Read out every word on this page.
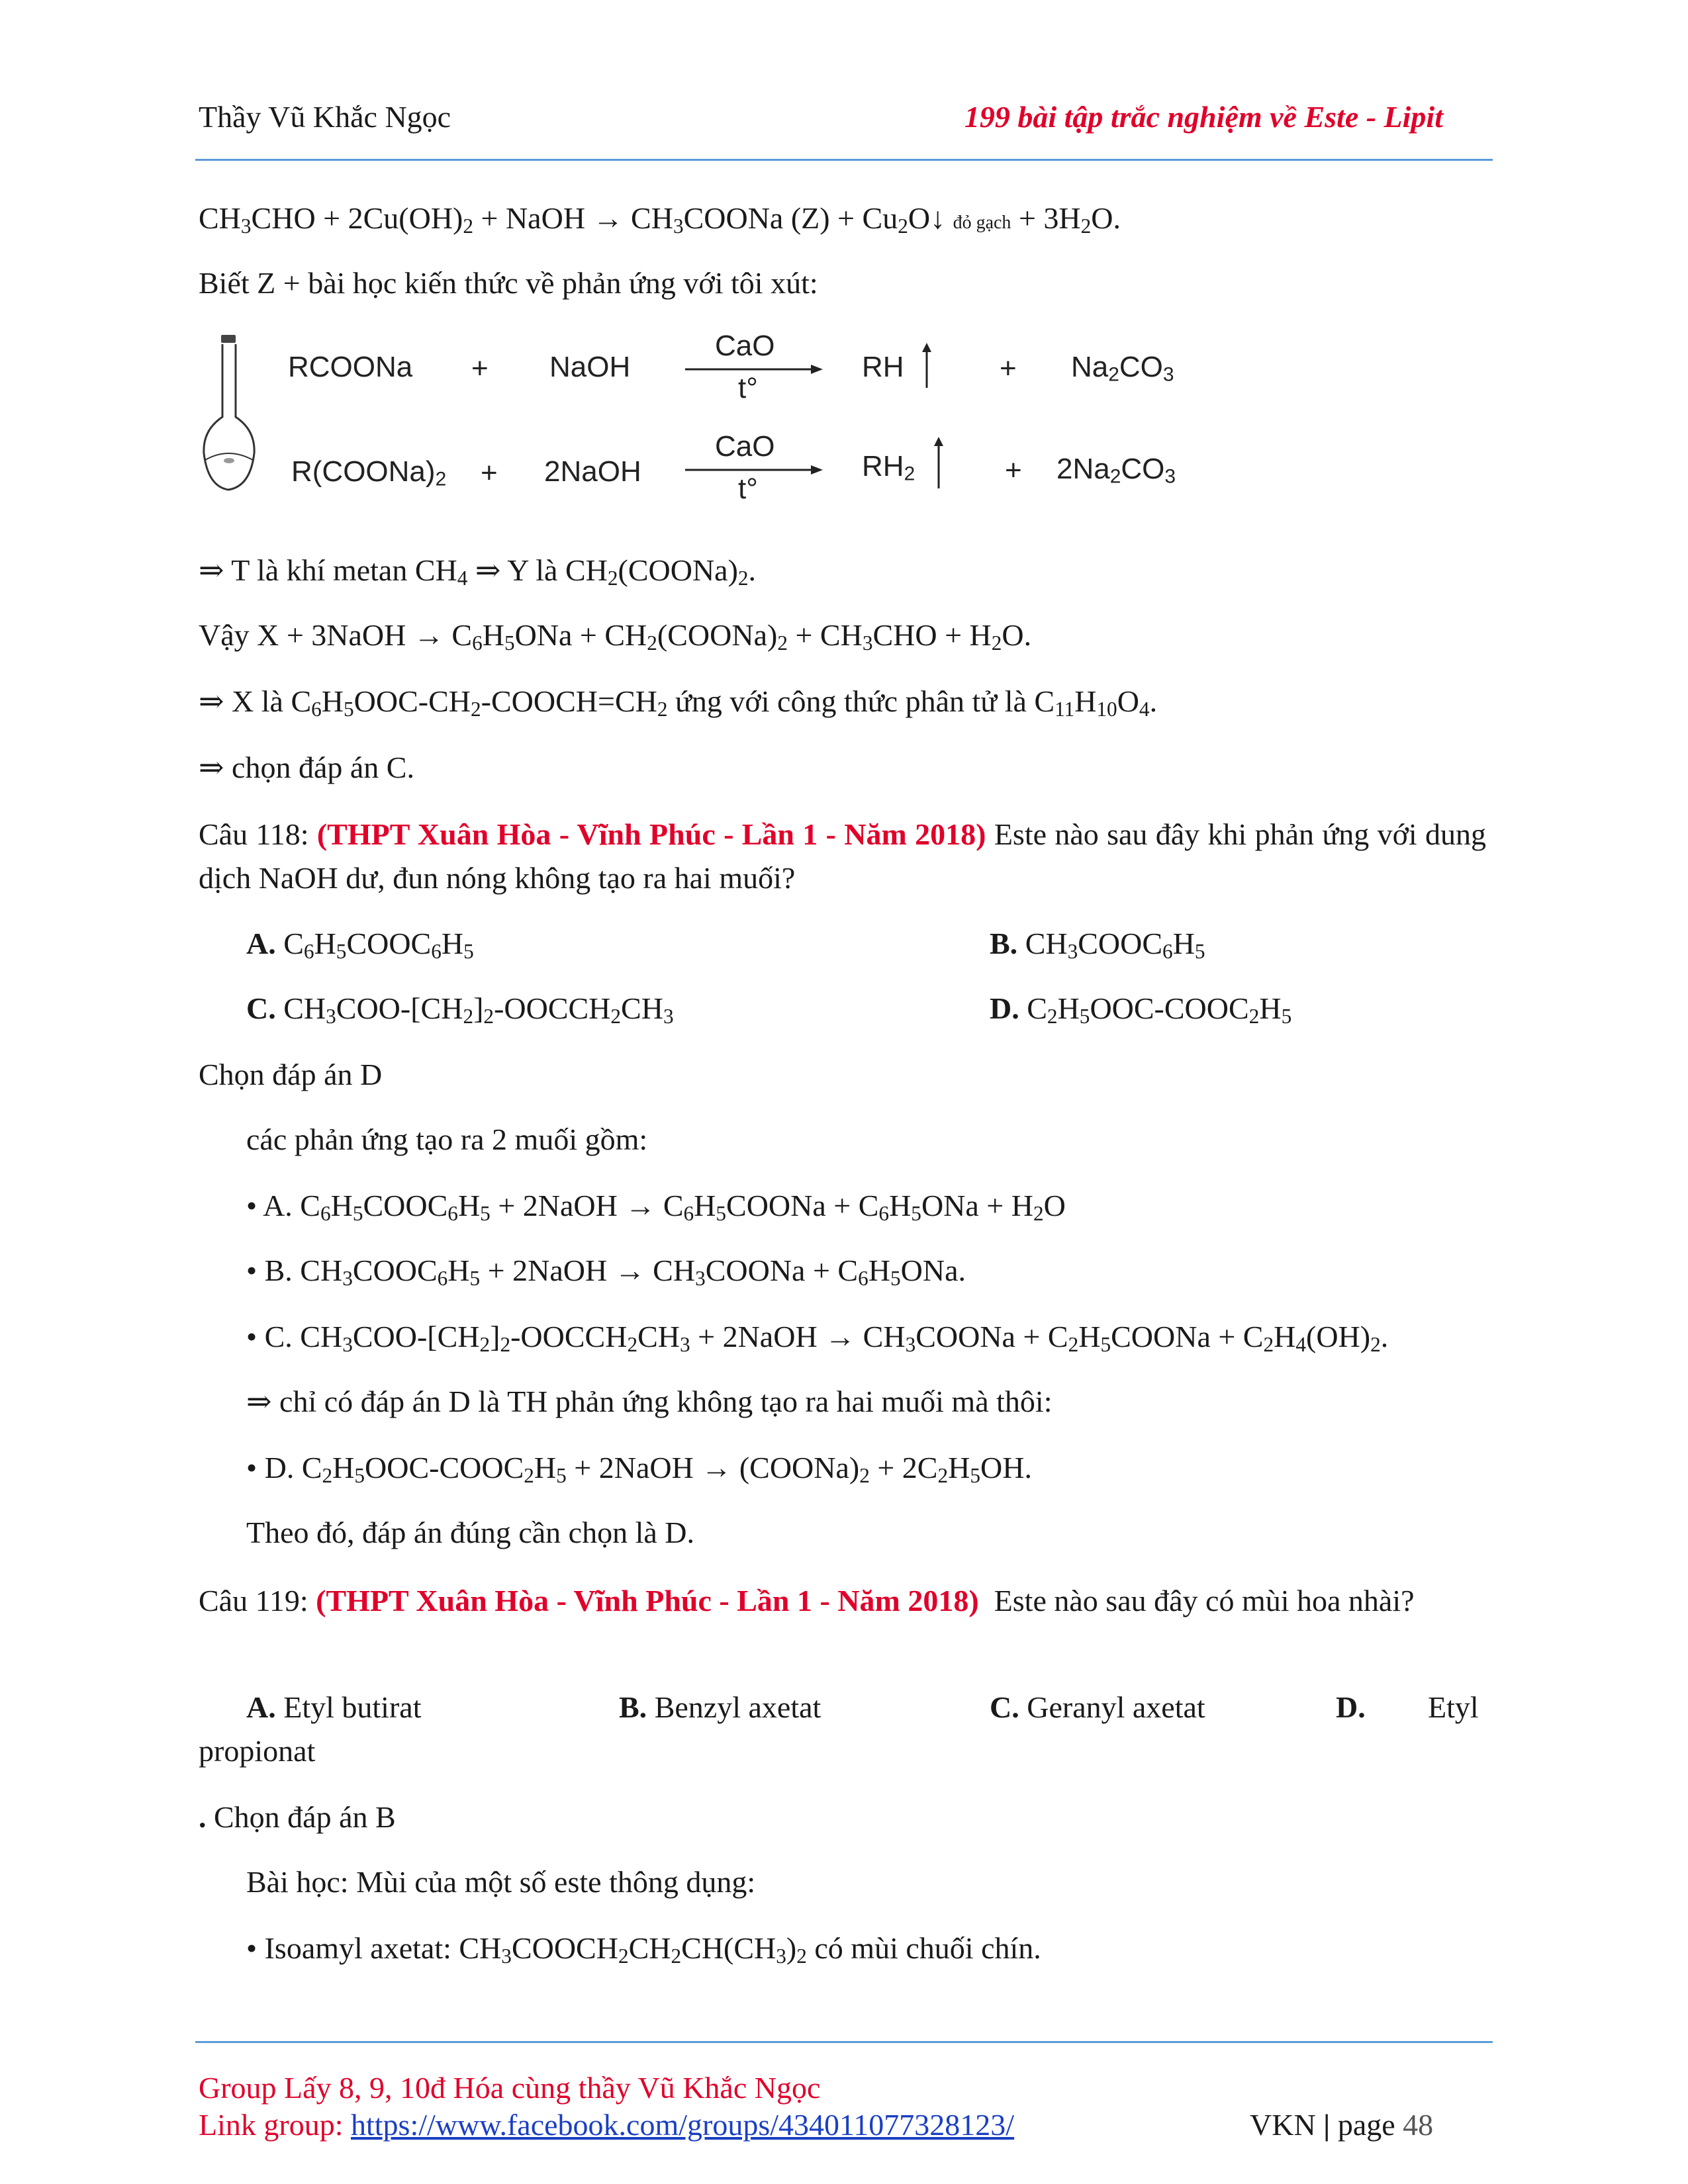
Thầy Vũ Khắc Ngọc	199 bài tập trắc nghiệm về Este - Lipit
$CH_3CHO + 2Cu(OH)_2$ + NaOH → $CH_3COONa$ $(Z) + Cu_2O↓$ đỏ gạch + $3H_2O$.
Biết Z + bài học kiến thức về phản ứng với tôi xút:
RCOONa + NaOH
CaO
t°
RH	+ $Na_2CO_3$
$R(COONa)_2$ + 2NaOH
CaO
t°
$RH_2$	+ $2Na_2CO_3$
⇒ T là khí metan $CH_4$ ⇒ Y là $CH_2(COONa)_2$.
Vậy X + 3NaOH → $C_6H_5ONa$ + $CH_2(COONa)_2 + CH_3CHO + H_2O$.
⇒ X là $C_6H_5OOC-CH_2-COOCH=CH_2$ ứng với công thức phân tử là $C_{11}H_{10}O_4$.
⇒ chọn đáp án C.
Câu 118: (THPT Xuân Hòa - Vĩnh Phúc - Lần 1 - Năm 2018) Este nào sau đây khi phản ứng với dung dịch NaOH dư, đun nóng không tạo ra hai muối?
A. $C_6H_5COOC_6H_5$	B. $CH_3COOC_6H_5$
C. $CH_3COO-[CH_2]_2-OOCCH_2CH_3$	D. $C_2H_5OOC-COOC_2H_5$
Chọn đáp án D
các phản ứng tạo ra 2 muối gồm:
• A. $C_6H_5COOC_6H_5$ + 2NaOH → $C_6H_5COONa + C_6H_5ONa + H_2O$
• B. $CH_3COOC_6H_5$ + 2NaOH → $CH_3COONa + C_6H_5ONa$.
• C. $CH_3COO-[CH_2]_2-OOCCH_2CH_3$ + 2NaOH → $CH_3COONa$ + $C_2H_5COONa + C_2H_4(OH)_2$.
⇒ chỉ có đáp án D là TH phản ứng không tạo ra hai muối mà thôi:
• D. $C_2H_5OOC-COOC_2H_5$ + 2NaOH → $(COONa)_2 + 2C_2H_5OH$.
Theo đó, đáp án đúng cần chọn là D.
Câu 119: (THPT Xuân Hòa - Vĩnh Phúc - Lần 1 - Năm 2018) Este nào sau đây có mùi hoa nhài?
A. Etyl butirat	B. Benzyl axetat	C. Geranyl axetat	D. Etyl
propionat
. Chọn đáp án B
Bài học: Mùi của một số este thông dụng:
• Isoamyl axetat: $CH_3COOCH_2CH_2CH(CH_3)_2$ có mùi chuối chín.
Group Lấy 8, 9, 10đ Hóa cùng thầy Vũ Khắc Ngọc
Link group: https://www.facebook.com/groups/434011077328123/	VKN | page 48
